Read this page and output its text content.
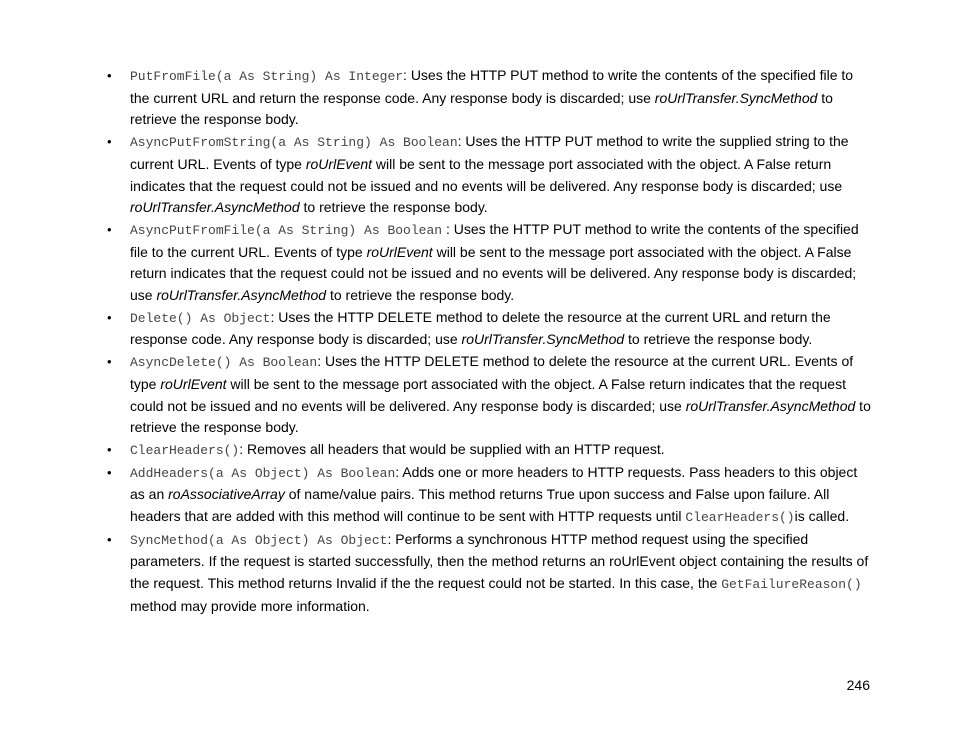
•
PutFromFile(a As String) As Integer: Uses the HTTP PUT method to write the contents of the specified file to the current URL and return the response code. Any response body is discarded; use roUrlTransfer.SyncMethod to retrieve the response body.
•
AsyncPutFromString(a As String) As Boolean: Uses the HTTP PUT method to write the supplied string to the current URL. Events of type roUrlEvent will be sent to the message port associated with the object. A False return indicates that the request could not be issued and no events will be delivered. Any response body is discarded; use roUrlTransfer.AsyncMethod to retrieve the response body.
•
AsyncPutFromFile(a As String) As Boolean : Uses the HTTP PUT method to write the contents of the specified file to the current URL. Events of type roUrlEvent will be sent to the message port associated with the object. A False return indicates that the request could not be issued and no events will be delivered. Any response body is discarded; use roUrlTransfer.AsyncMethod to retrieve the response body.
•
Delete() As Object: Uses the HTTP DELETE method to delete the resource at the current URL and return the response code. Any response body is discarded; use roUrlTransfer.SyncMethod to retrieve the response body.
•
AsyncDelete() As Boolean: Uses the HTTP DELETE method to delete the resource at the current URL. Events of type roUrlEvent will be sent to the message port associated with the object. A False return indicates that the request could not be issued and no events will be delivered. Any response body is discarded; use roUrlTransfer.AsyncMethod to retrieve the response body.
•
ClearHeaders(): Removes all headers that would be supplied with an HTTP request.
•
AddHeaders(a As Object) As Boolean: Adds one or more headers to HTTP requests. Pass headers to this object as an roAssociativeArray of name/value pairs. This method returns True upon success and False upon failure. All headers that are added with this method will continue to be sent with HTTP requests until ClearHeaders()is called.
•
SyncMethod(a As Object) As Object: Performs a synchronous HTTP method request using the specified parameters. If the request is started successfully, then the method returns an roUrlEvent object containing the results of the request. This method returns Invalid if the the request could not be started. In this case, the GetFailureReason() method may provide more information.
246
